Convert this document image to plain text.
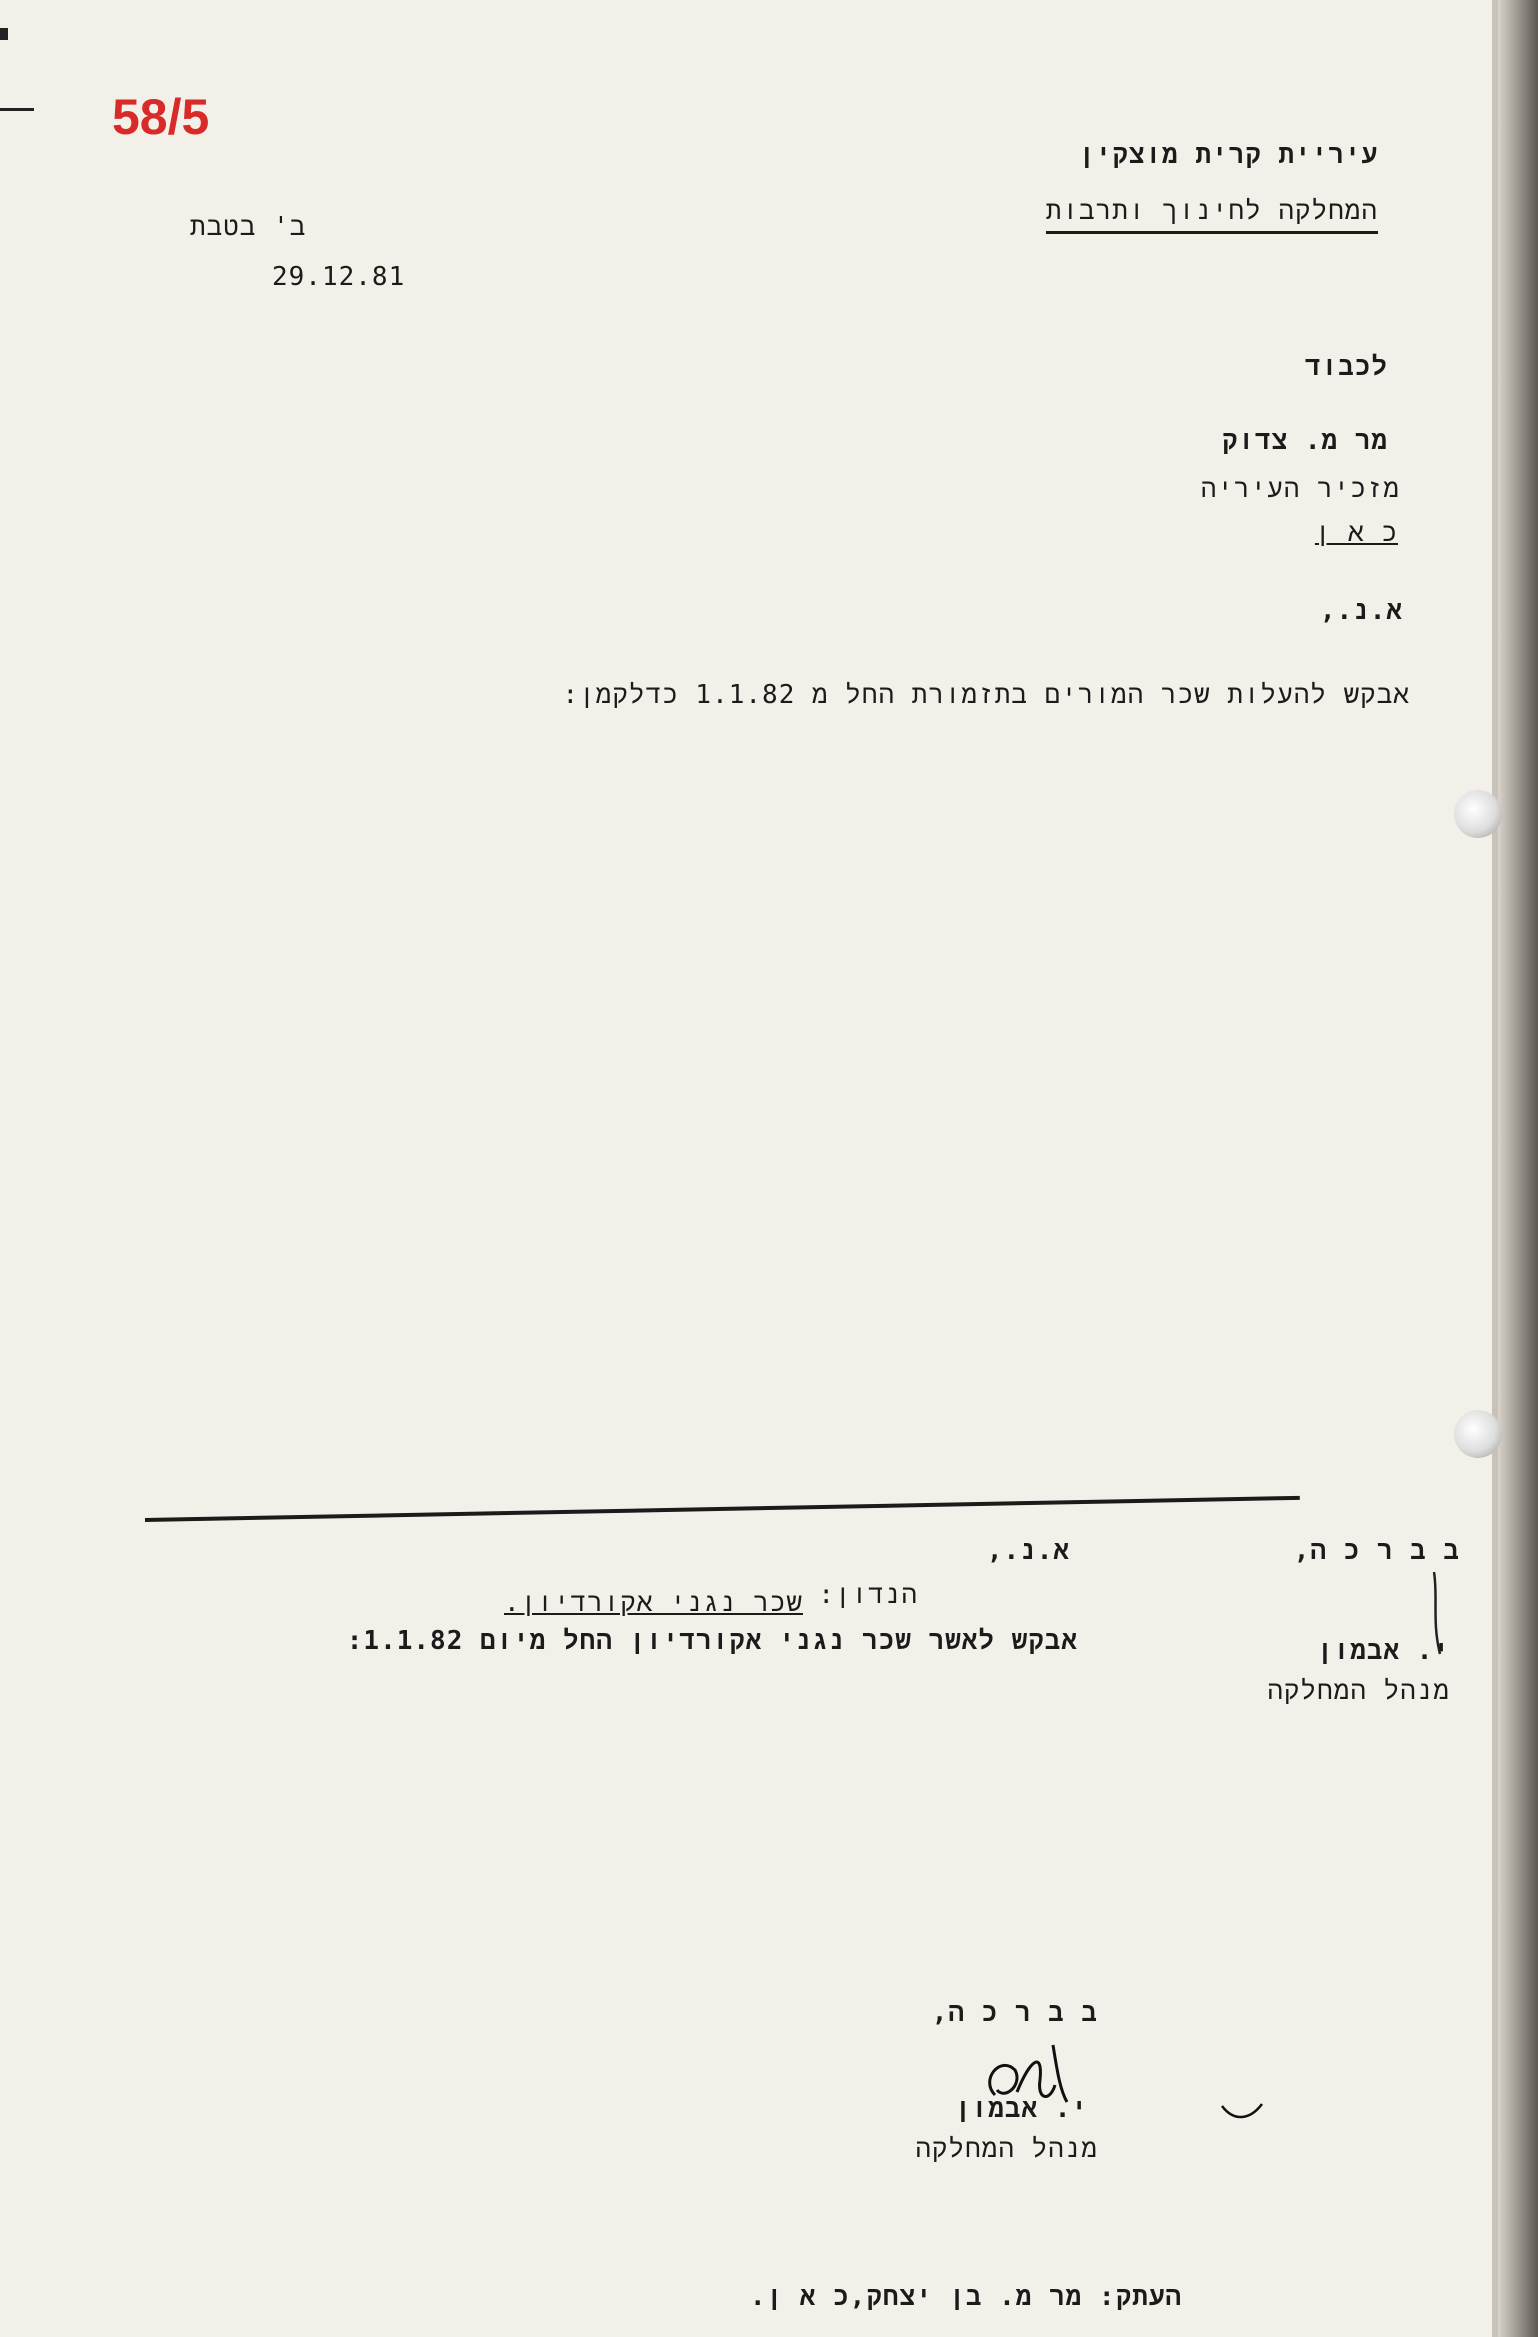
58/5
עיריית קרית מוצקין
המחלקה לחינוך ותרבות
ב' בטבת
29.12.81
לכבוד
מר מ. צדוק
מזכיר העיריה
כ א ן
א.נ.,
אבקש להעלות שכר המורים בתזמורת החל מ 1.1.82 כדלקמן:
ב ב ר כ ה,
י. אבמון
מנהל המחלקה
א.נ.,
הנדון:
שכר נגני אקורדיון.
אבקש לאשר שכר נגני אקורדיון החל מיום 1.1.82:
ב ב ר כ ה,
י. אבמון
מנהל המחלקה
העתק: מר מ. בן יצחק,כ א ן.
